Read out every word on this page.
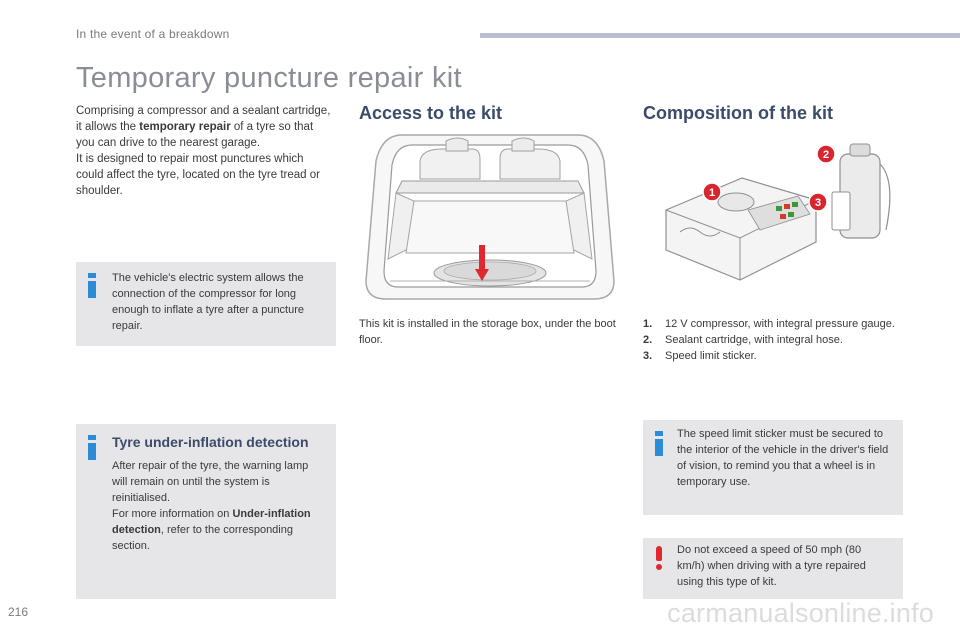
In the event of a breakdown
Temporary puncture repair kit

Comprising a compressor and a sealant cartridge, it allows the temporary repair of a tyre so that you can drive to the nearest garage.

It is designed to repair most punctures which could affect the tyre, located on the tyre tread or shoulder.

The vehicle's electric system allows the connection of the compressor for long enough to inflate a tyre after a puncture repair.
Tyre under-inflation detection

After repair of the tyre, the warning lamp will remain on until the system is reinitialised.

For more information on Under-inflation detection, refer to the corresponding section.

Access to the kit
This kit is installed in the storage box, under the boot floor.
Composition of the kit
1
2
3
1.	12 V compressor, with integral pressure gauge.
2.	Sealant cartridge, with integral hose.
3.	Speed limit sticker.
The speed limit sticker must be secured to the interior of the vehicle in the driver's field of vision, to remind you that a wheel is in temporary use.
Do not exceed a speed of 50 mph (80 km/h) when driving with a tyre repaired using this type of kit.
216	carmanualsonline.info
